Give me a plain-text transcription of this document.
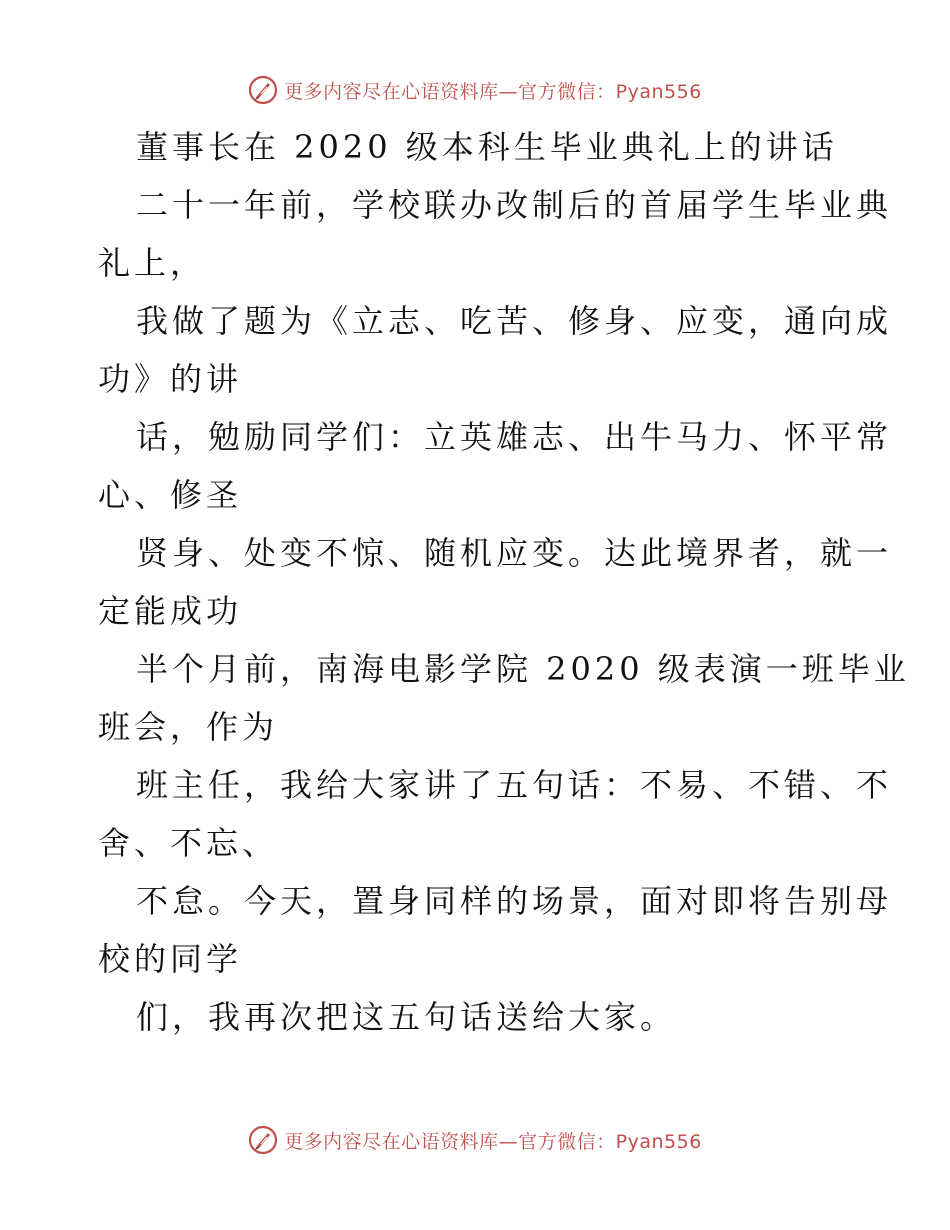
更多内容尽在心语资料库—官方微信：Pyan556
董事长在 2020 级本科生毕业典礼上的讲话
二十一年前，学校联办改制后的首届学生毕业典
礼上，
我做了题为《立志、吃苦、修身、应变，通向成
功》的讲
话，勉励同学们：立英雄志、出牛马力、怀平常
心、修圣
贤身、处变不惊、随机应变。达此境界者，就一
定能成功
半个月前，南海电影学院 2020 级表演一班毕业
班会，作为
班主任，我给大家讲了五句话：不易、不错、不
舍、不忘、
不怠。今天，置身同样的场景，面对即将告别母
校的同学
们，我再次把这五句话送给大家。
更多内容尽在心语资料库—官方微信：Pyan556
